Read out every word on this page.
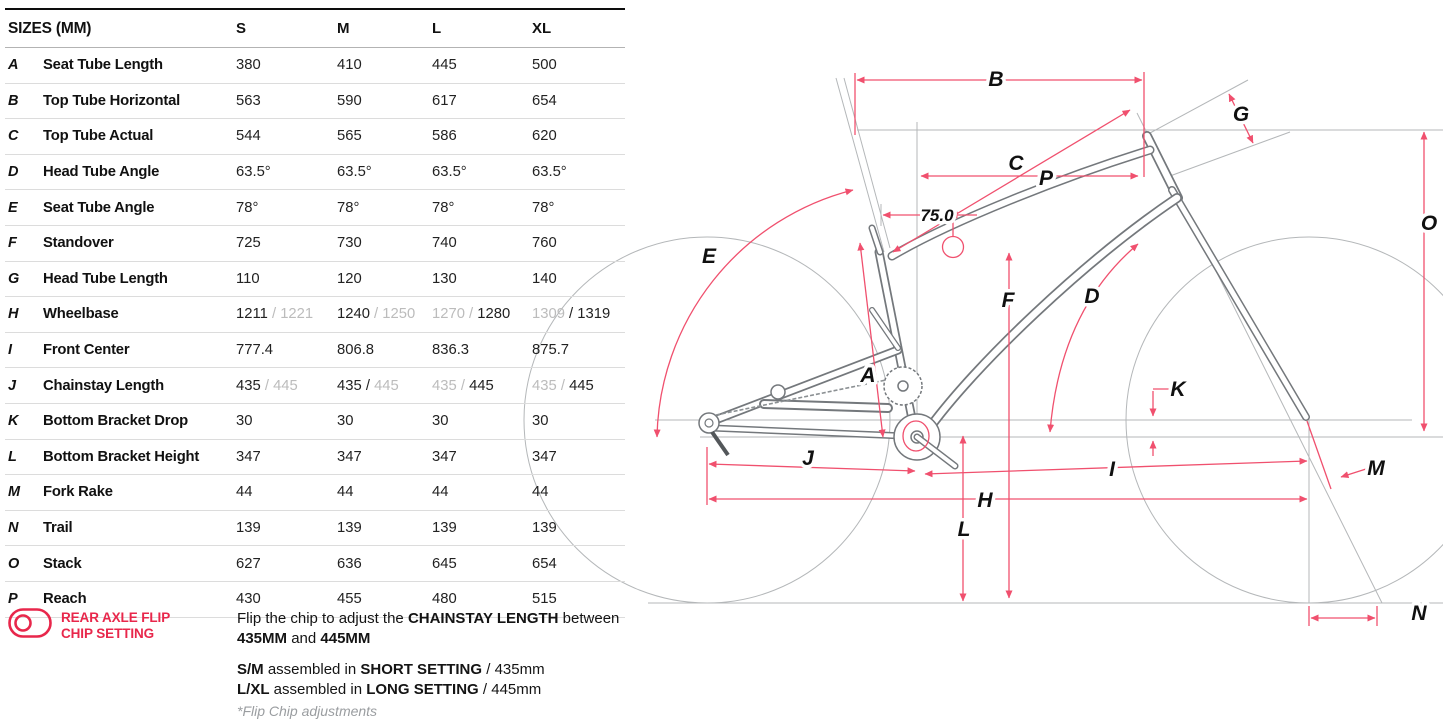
A
B
C
D
E
F
G
H
I
J
K
L
M
N
O
P
75.0
SIZES (MM)	S	M	L	XL
A	Seat Tube Length	380	410	445	500
B	Top Tube Horizontal	563	590	617	654
C	Top Tube Actual	544	565	586	620
D	Head Tube Angle	63.5°	63.5°	63.5°	63.5°
E	Seat Tube Angle	78°	78°	78°	78°
F	Standover	725	730	740	760
G	Head Tube Length	110	120	130	140
H	Wheelbase	1211 / 1221	1240 / 1250	1270 / 1280	1309 / 1319
I	Front Center	777.4	806.8	836.3	875.7
J	Chainstay Length	435 / 445	435 / 445	435 / 445	435 / 445
K	Bottom Bracket Drop	30	30	30	30
L	Bottom Bracket Height	347	347	347	347
M	Fork Rake	44	44	44	44
N	Trail	139	139	139	139
O	Stack	627	636	645	654
P	Reach	430	455	480	515
REAR AXLE FLIP
CHIP SETTING
Flip the chip to adjust the CHAINSTAY LENGTH between 435MM and 445MM
S/M assembled in SHORT SETTING / 435mm
L/XL assembled in LONG SETTING / 445mm
*Flip Chip adjustments
